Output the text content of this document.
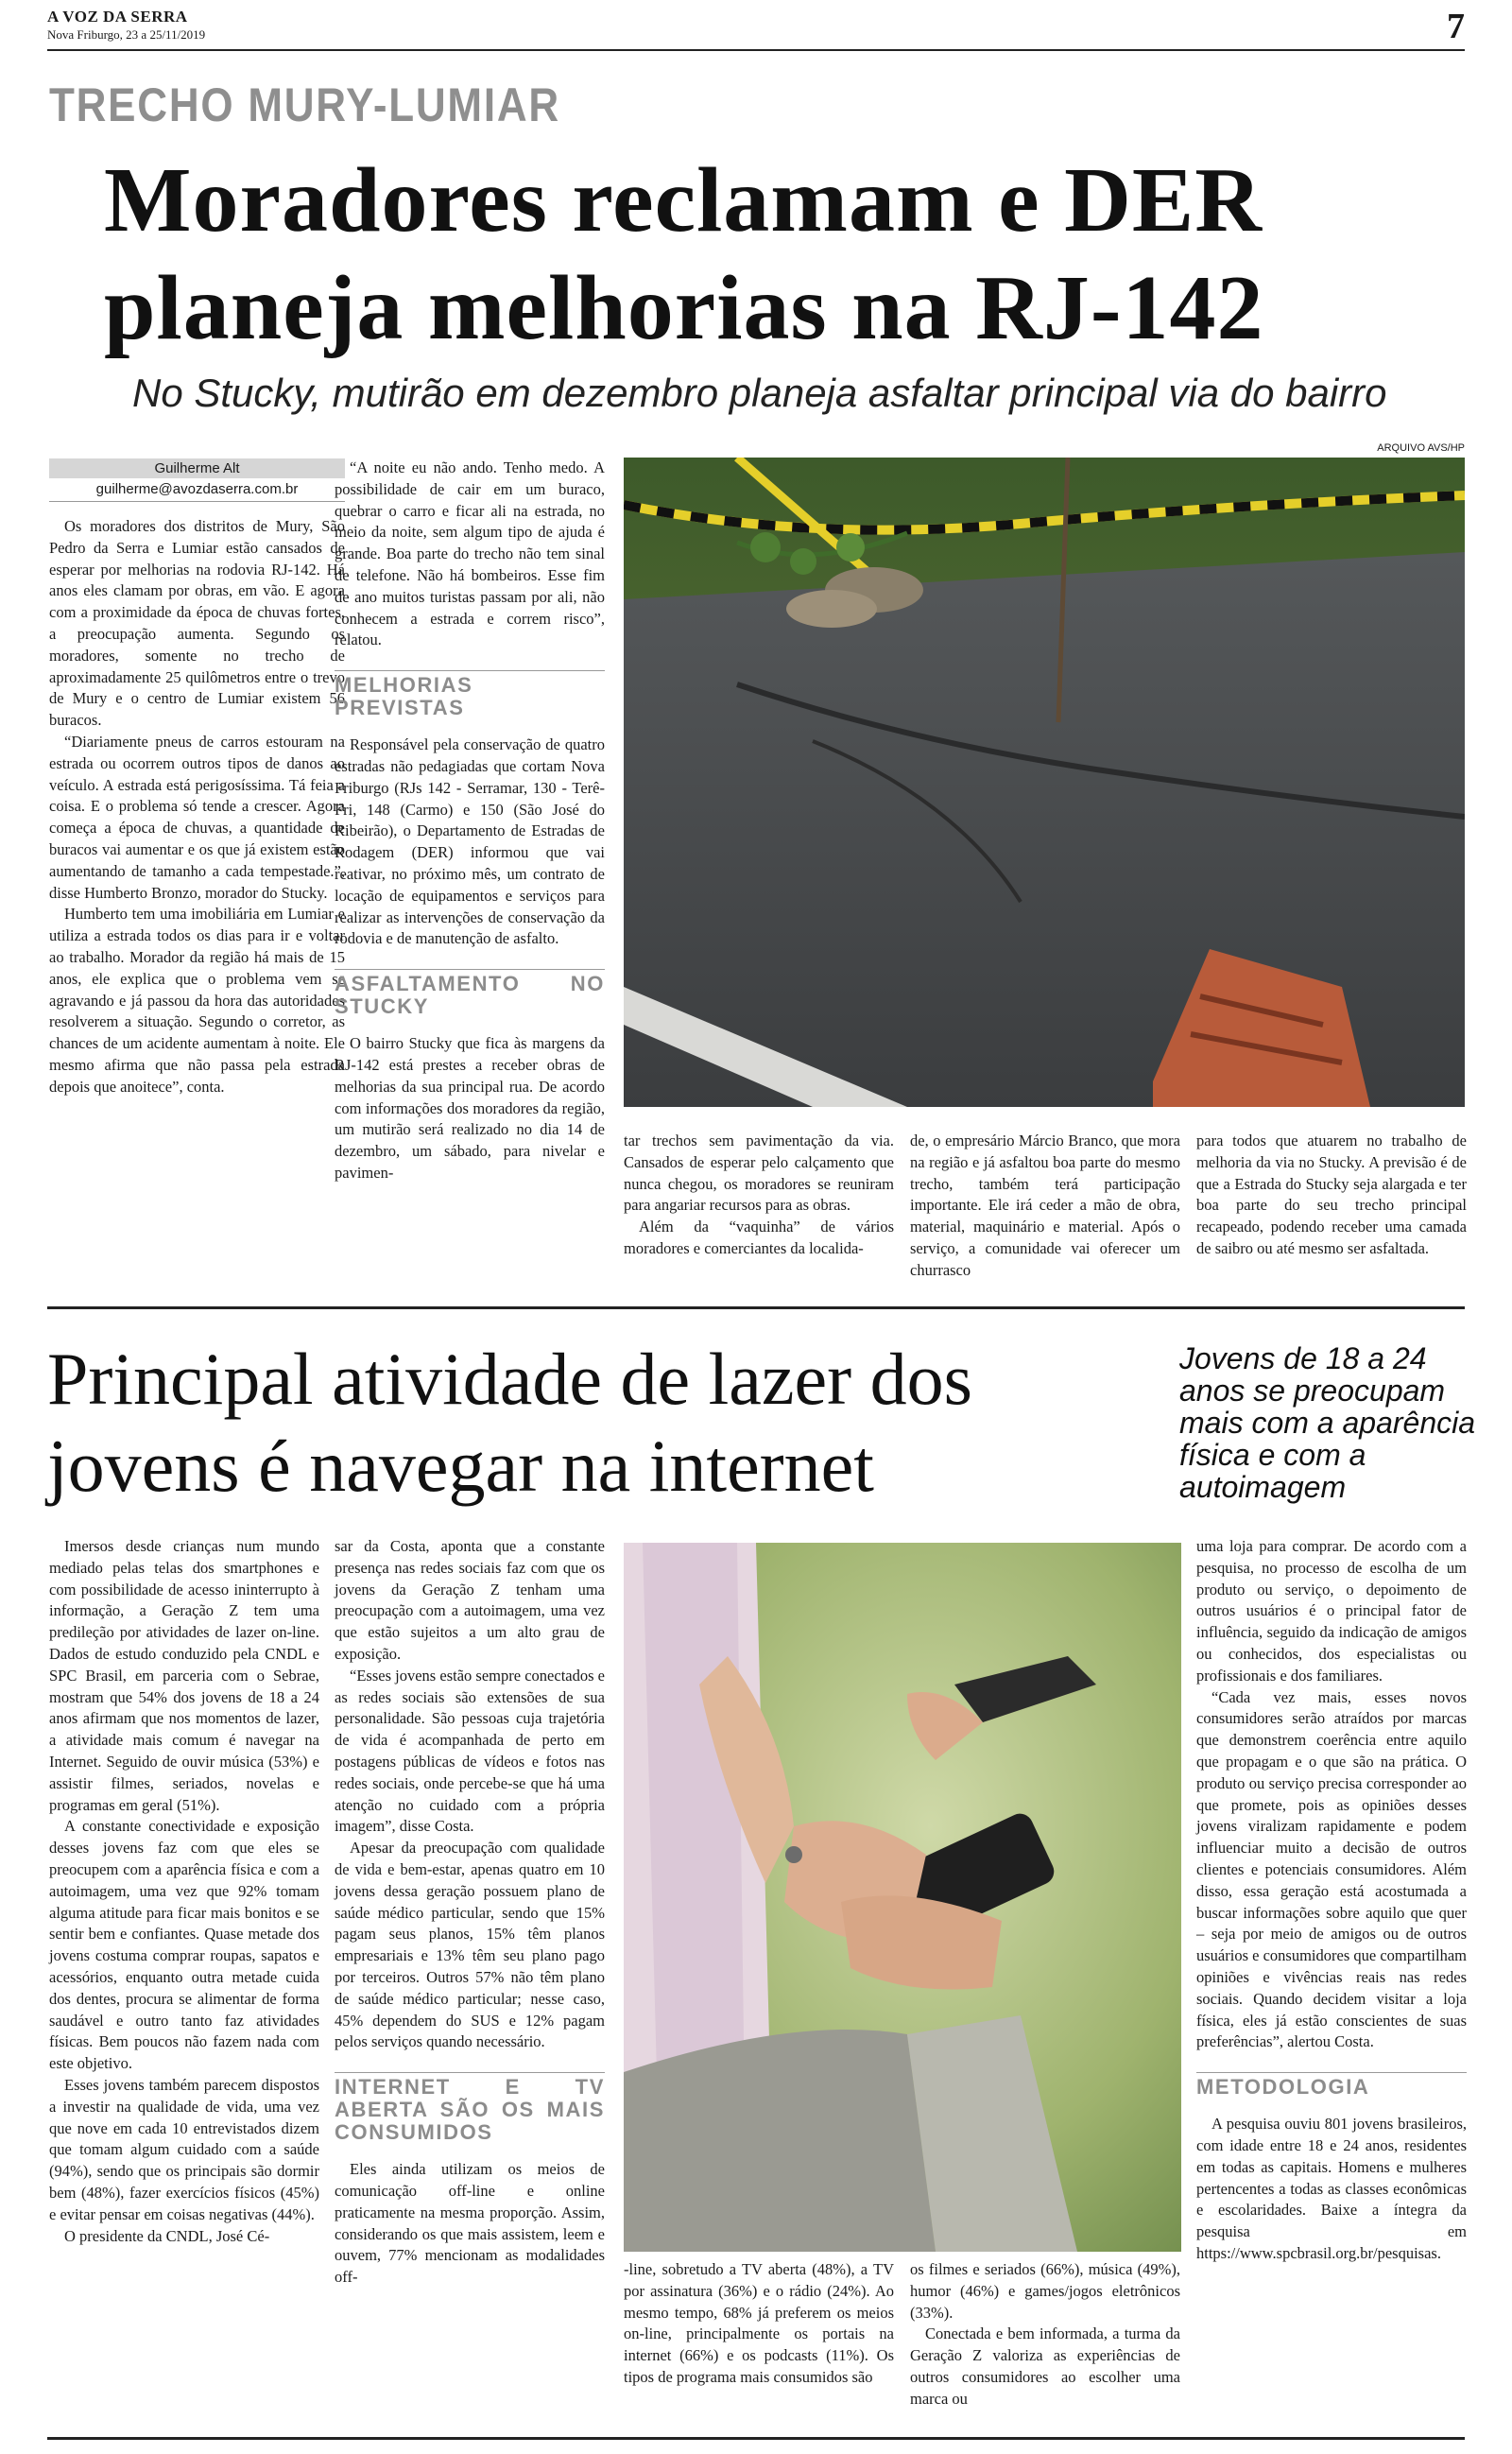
A VOZ DA SERRA
Nova Friburgo, 23 a 25/11/2019	7
TRECHO MURY-LUMIAR
Moradores reclamam e DER planeja melhorias na RJ-142
No Stucky, mutirão em dezembro planeja asfaltar principal via do bairro
ARQUIVO AVS/HP
Guilherme Alt
guilherme@avozdaserra.com.br

Os moradores dos distritos de Mury, São Pedro da Serra e Lumiar estão cansados de esperar por melhorias na rodovia RJ-142. Há anos eles clamam por obras, em vão. E agora com a proximidade da época de chuvas fortes, a preocupação aumenta. Segundo os moradores, somente no trecho de aproximadamente 25 quilômetros entre o trevo de Mury e o centro de Lumiar existem 56 buracos.

“Diariamente pneus de carros estouram na estrada ou ocorrem outros tipos de danos ao veículo. A estrada está perigosíssima. Tá feia a coisa. E o problema só tende a crescer. Agora começa a época de chuvas, a quantidade de buracos vai aumentar e os que já existem estão aumentando de tamanho a cada tempestade.”, disse Humberto Bronzo, morador do Stucky.

Humberto tem uma imobiliária em Lumiar e utiliza a estrada todos os dias para ir e voltar ao trabalho. Morador da região há mais de 15 anos, ele explica que o problema vem se agravando e já passou da hora das autoridades resolverem a situação. Segundo o corretor, as chances de um acidente aumentam à noite. Ele mesmo afirma que não passa pela estrada depois que anoitece”, conta.

“A noite eu não ando. Tenho medo. A possibilidade de cair em um buraco, quebrar o carro e ficar ali na estrada, no meio da noite, sem algum tipo de ajuda é grande. Boa parte do trecho não tem sinal de telefone. Não há bombeiros. Esse fim de ano muitos turistas passam por ali, não conhecem a estrada e correm risco”, relatou.

MELHORIAS PREVISTAS

Responsável pela conservação de quatro estradas não pedagiadas que cortam Nova Friburgo (RJs 142 - Serramar, 130 - Terê-Fri, 148 (Carmo) e 150 (São José do Ribeirão), o Departamento de Estradas de Rodagem (DER) informou que vai reativar, no próximo mês, um contrato de locação de equipamentos e serviços para realizar as intervenções de conservação da rodovia e de manutenção de asfalto.

ASFALTAMENTO NO STUCKY

O bairro Stucky que fica às margens da RJ-142 está prestes a receber obras de melhorias da sua principal rua. De acordo com informações dos moradores da região, um mutirão será realizado no dia 14 de dezembro, um sábado, para nivelar e pavimen-

tar trechos sem pavimentação da via. Cansados de esperar pelo calçamento que nunca chegou, os moradores se reuniram para angariar recursos para as obras.

Além da “vaquinha” de vários moradores e comerciantes da localida-

de, o empresário Márcio Branco, que mora na região e já asfaltou boa parte do mesmo trecho, também terá participação importante. Ele irá ceder a mão de obra, material, maquinário e material. Após o serviço, a comunidade vai oferecer um churrasco

para todos que atuarem no trabalho de melhoria da via no Stucky. A previsão é de que a Estrada do Stucky seja alargada e ter boa parte do seu trecho principal recapeado, podendo receber uma camada de saibro ou até mesmo ser asfaltada.

Principal atividade de lazer dos jovens é navegar na internet
Jovens de 18 a 24 anos se preocupam mais com a aparência física e com a autoimagem

Imersos desde crianças num mundo mediado pelas telas dos smartphones e com possibilidade de acesso ininterrupto à informação, a Geração Z tem uma predileção por atividades de lazer on-line. Dados de estudo conduzido pela CNDL e SPC Brasil, em parceria com o Sebrae, mostram que 54% dos jovens de 18 a 24 anos afirmam que nos momentos de lazer, a atividade mais comum é navegar na Internet. Seguido de ouvir música (53%) e assistir filmes, seriados, novelas e programas em geral (51%).

A constante conectividade e exposição desses jovens faz com que eles se preocupem com a aparência física e com a autoimagem, uma vez que 92% tomam alguma atitude para ficar mais bonitos e se sentir bem e confiantes. Quase metade dos jovens costuma comprar roupas, sapatos e acessórios, enquanto outra metade cuida dos dentes, procura se alimentar de forma saudável e outro tanto faz atividades físicas. Bem poucos não fazem nada com este objetivo.

Esses jovens também parecem dispostos a investir na qualidade de vida, uma vez que nove em cada 10 entrevistados dizem que tomam algum cuidado com a saúde (94%), sendo que os principais são dormir bem (48%), fazer exercícios físicos (45%) e evitar pensar em coisas negativas (44%).

O presidente da CNDL, José Cé-

sar da Costa, aponta que a constante presença nas redes sociais faz com que os jovens da Geração Z tenham uma preocupação com a autoimagem, uma vez que estão sujeitos a um alto grau de exposição.

“Esses jovens estão sempre conectados e as redes sociais são extensões de sua personalidade. São pessoas cuja trajetória de vida é acompanhada de perto em postagens públicas de vídeos e fotos nas redes sociais, onde percebe-se que há uma atenção no cuidado com a própria imagem”, disse Costa.

Apesar da preocupação com qualidade de vida e bem-estar, apenas quatro em 10 jovens dessa geração possuem plano de saúde médico particular, sendo que 15% pagam seus planos, 15% têm planos empresariais e 13% têm seu plano pago por terceiros. Outros 57% não têm plano de saúde médico particular; nesse caso, 45% dependem do SUS e 12% pagam pelos serviços quando necessário.

INTERNET E TV ABERTA SÃO OS MAIS CONSUMIDOS

Eles ainda utilizam os meios de comunicação off-line e online praticamente na mesma proporção. Assim, considerando os que mais assistem, leem e ouvem, 77% mencionam as modalidades off-	-line, sobretudo a TV aberta (48%), a TV por assinatura (36%) e o rádio (24%). Ao mesmo tempo, 68% já preferem os meios on-line, principalmente os portais na internet (66%) e os podcasts (11%). Os tipos de programa mais consumidos são

os filmes e seriados (66%), música (49%), humor (46%) e games/jogos eletrônicos (33%).

Conectada e bem informada, a turma da Geração Z valoriza as experiências de outros consumidores ao escolher uma marca ou

uma loja para comprar. De acordo com a pesquisa, no processo de escolha de um produto ou serviço, o depoimento de outros usuários é o principal fator de influência, seguido da indicação de amigos ou conhecidos, dos especialistas ou profissionais e dos familiares.

“Cada vez mais, esses novos consumidores serão atraídos por marcas que demonstrem coerência entre aquilo que propagam e o que são na prática. O produto ou serviço precisa corresponder ao que promete, pois as opiniões desses jovens viralizam rapidamente e podem influenciar muito a decisão de outros clientes e potenciais consumidores. Além disso, essa geração está acostumada a buscar informações sobre aquilo que quer – seja por meio de amigos ou de outros usuários e consumidores que compartilham opiniões e vivências reais nas redes sociais. Quando decidem visitar a loja física, eles já estão conscientes de suas preferências”, alertou Costa.

METODOLOGIA

A pesquisa ouviu 801 jovens brasileiros, com idade entre 18 e 24 anos, residentes em todas as capitais. Homens e mulheres pertencentes a todas as classes econômicas e escolaridades. Baixe a íntegra da pesquisa em https://www.spcbrasil.org.br/pesquisas.
